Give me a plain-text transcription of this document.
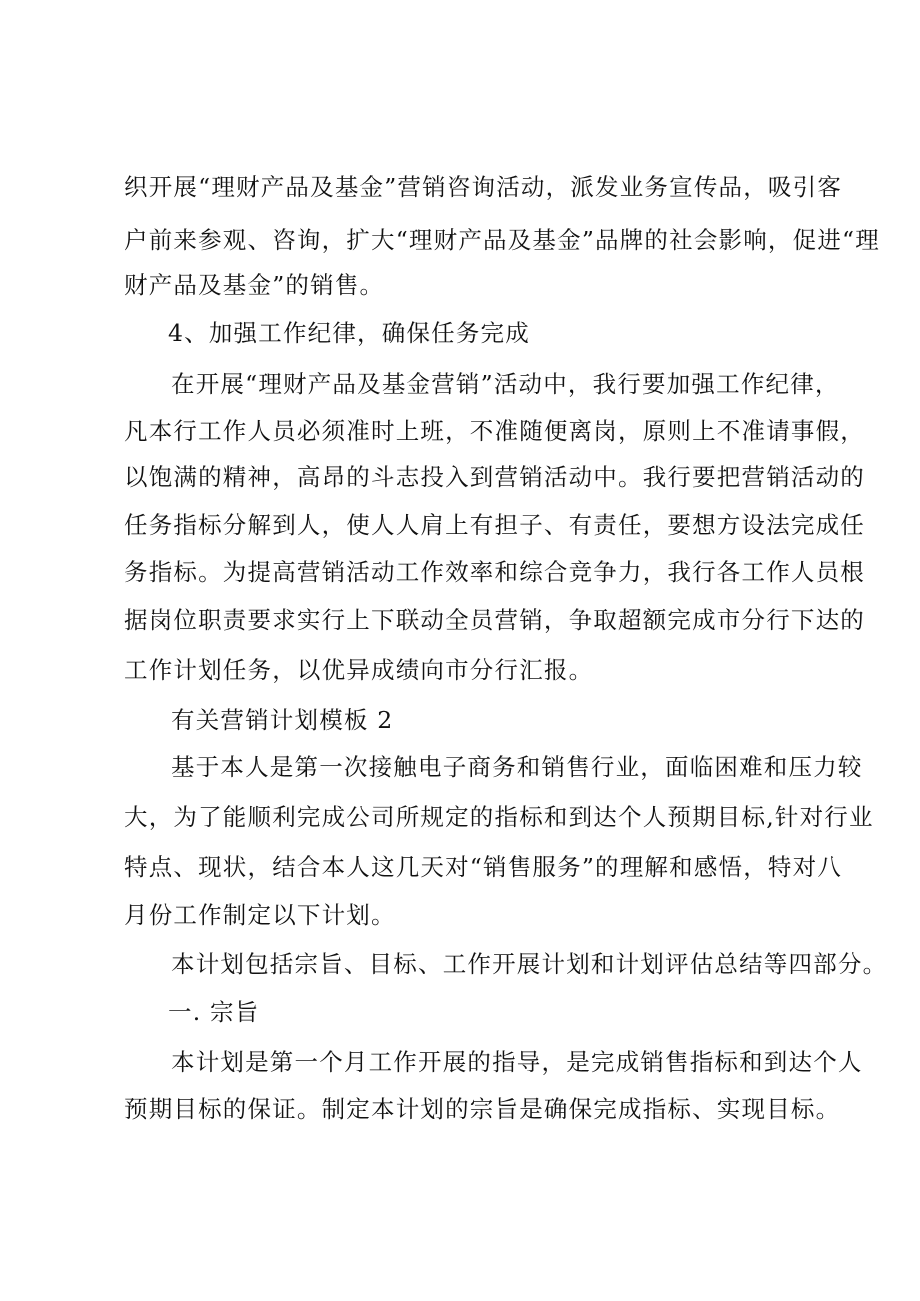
织开展“理财产品及基金”营销咨询活动，派发业务宣传品，吸引客
户前来参观、咨询，扩大“理财产品及基金”品牌的社会影响，促进“理
财产品及基金”的销售。
4、加强工作纪律，确保任务完成
在开展“理财产品及基金营销”活动中，我行要加强工作纪律，
凡本行工作人员必须准时上班，不准随便离岗，原则上不准请事假，
以饱满的精神，高昂的斗志投入到营销活动中。我行要把营销活动的
任务指标分解到人，使人人肩上有担子、有责任，要想方设法完成任
务指标。为提高营销活动工作效率和综合竞争力，我行各工作人员根
据岗位职责要求实行上下联动全员营销，争取超额完成市分行下达的
工作计划任务，以优异成绩向市分行汇报。
有关营销计划模板 2
基于本人是第一次接触电子商务和销售行业，面临困难和压力较
大，为了能顺利完成公司所规定的指标和到达个人预期目标,针对行业
特点、现状，结合本人这几天对“销售服务”的理解和感悟，特对八
月份工作制定以下计划。
本计划包括宗旨、目标、工作开展计划和计划评估总结等四部分。
一. 宗旨
本计划是第一个月工作开展的指导，是完成销售指标和到达个人
预期目标的保证。制定本计划的宗旨是确保完成指标、实现目标。
